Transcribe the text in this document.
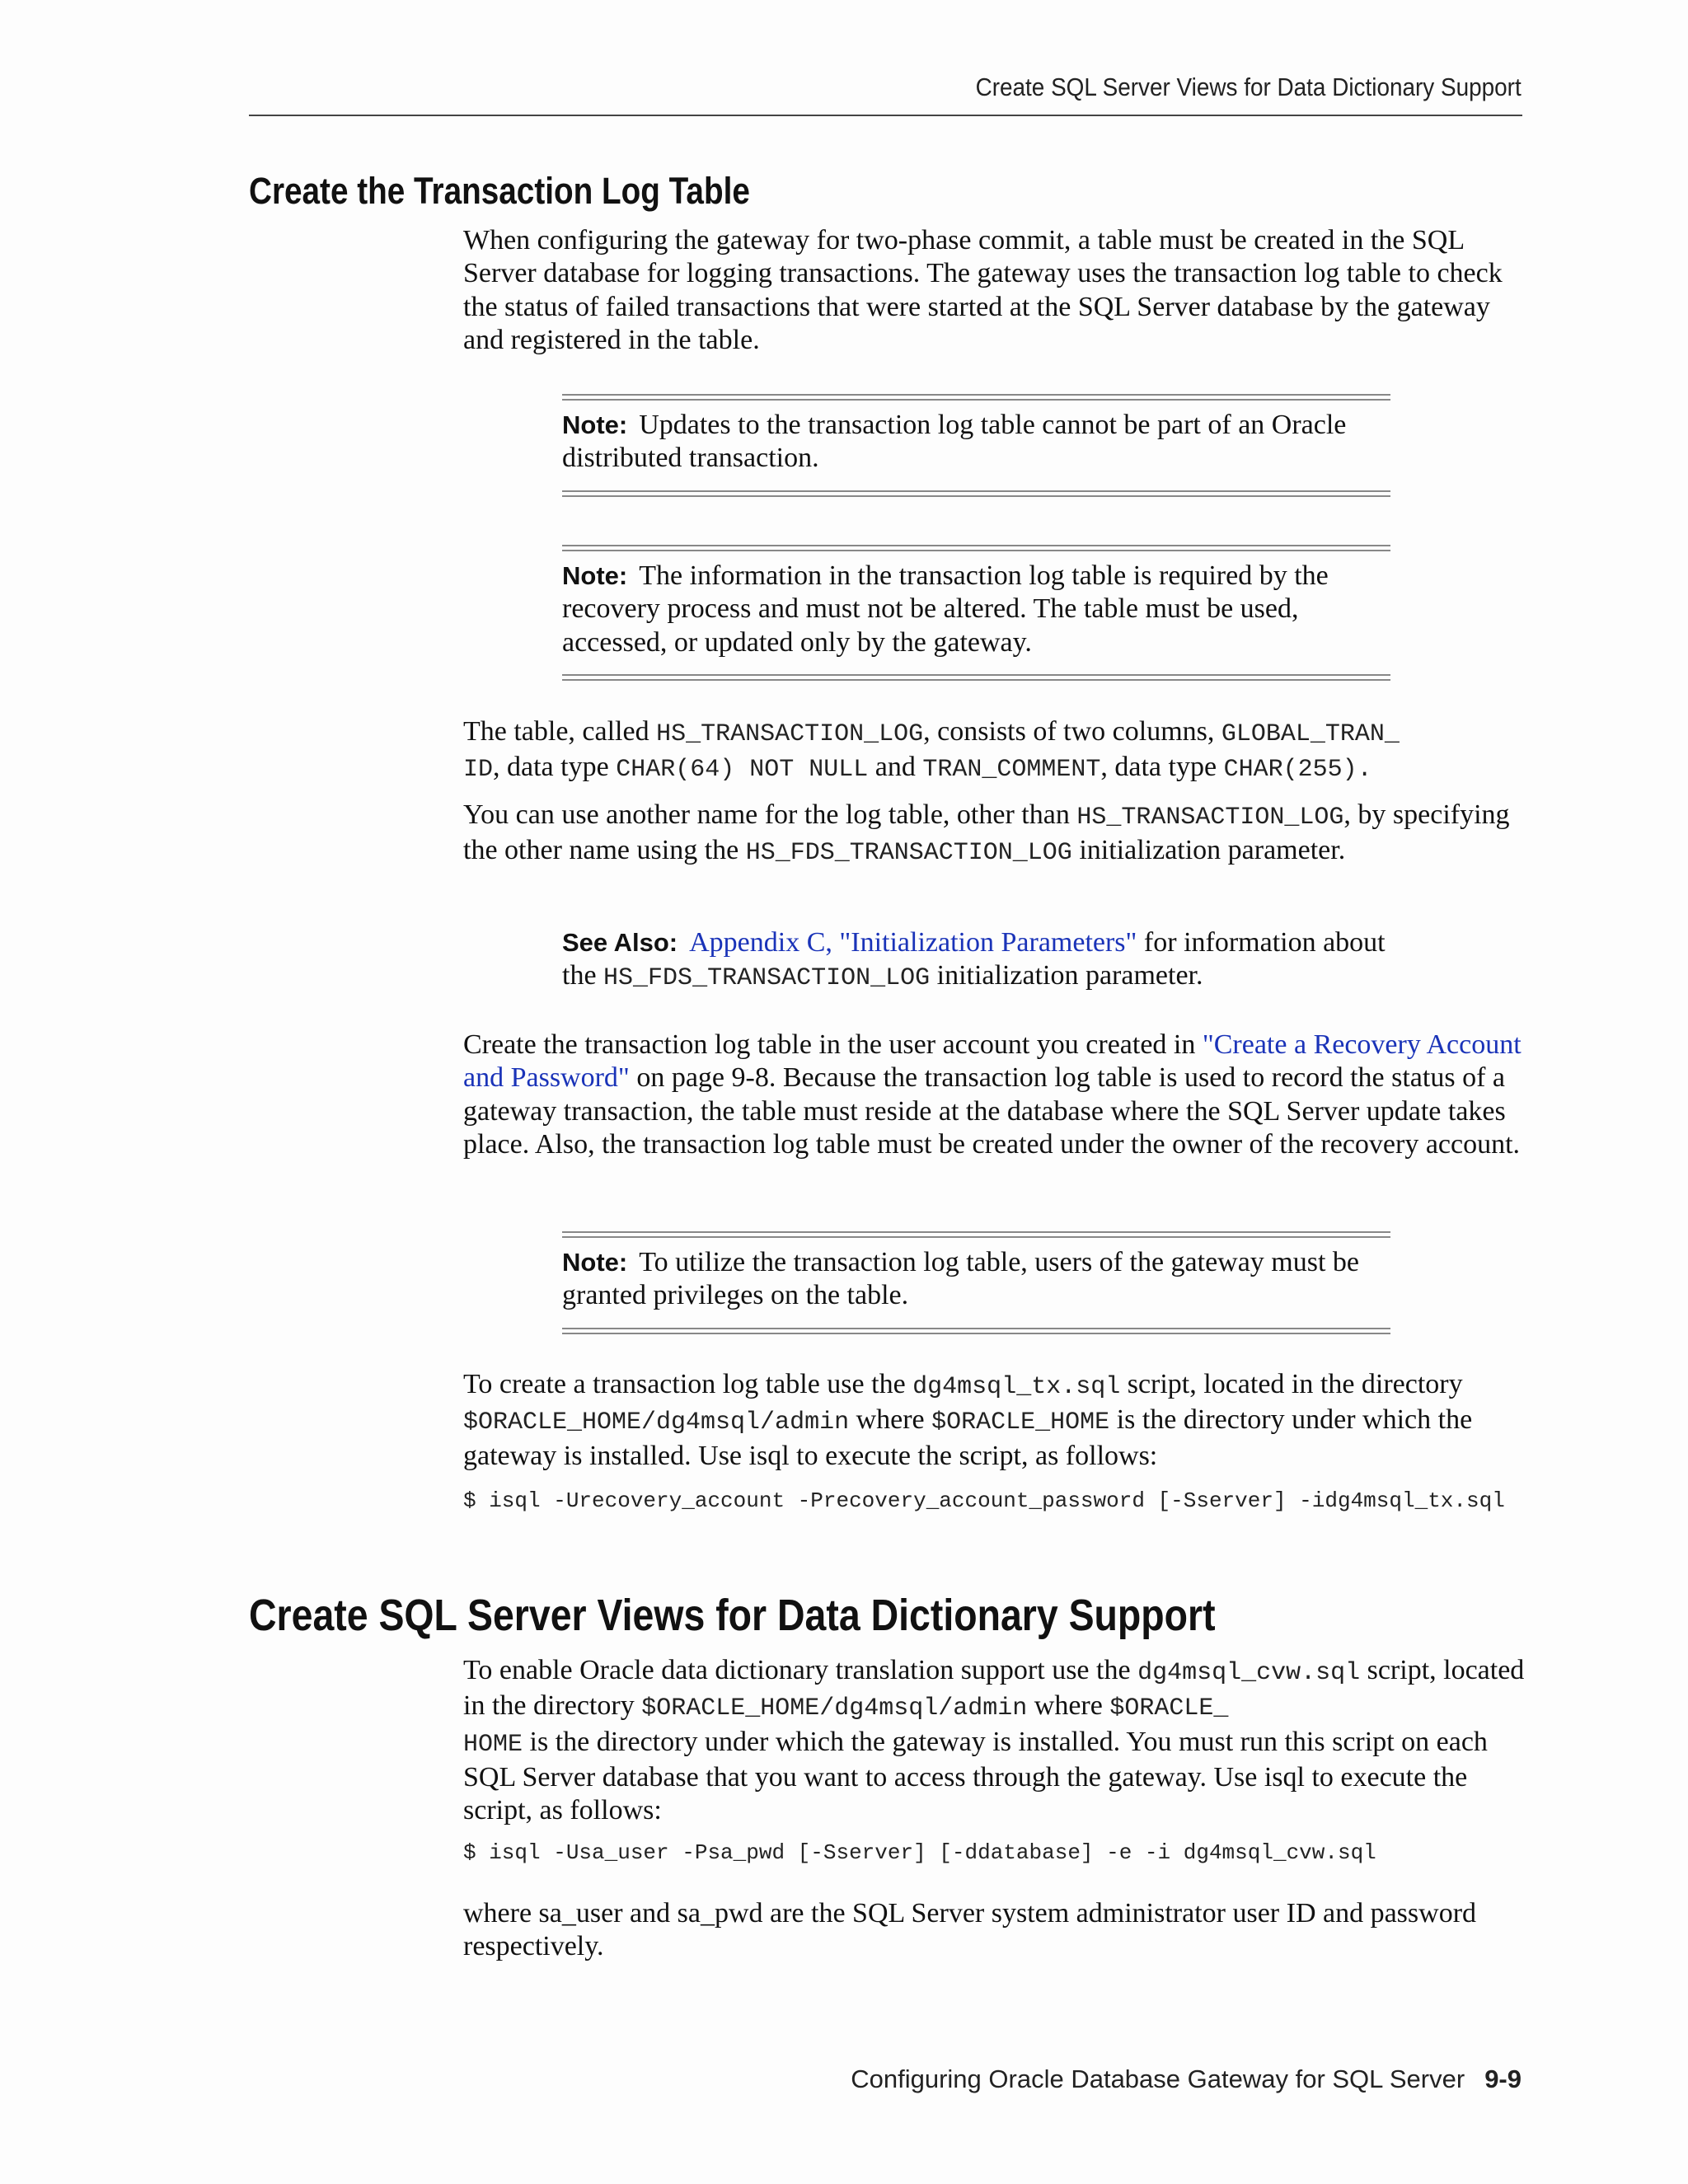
Create SQL Server Views for Data Dictionary Support
Create the Transaction Log Table

When configuring the gateway for two-phase commit, a table must be created in the SQL Server database for logging transactions. The gateway uses the transaction log table to check the status of failed transactions that were started at the SQL Server database by the gateway and registered in the table.

Note: Updates to the transaction log table cannot be part of an Oracle distributed transaction.

Note: The information in the transaction log table is required by the recovery process and must not be altered. The table must be used, accessed, or updated only by the gateway.

The table, called HS_TRANSACTION_LOG, consists of two columns, GLOBAL_TRAN_
ID, data type CHAR(64) NOT NULL and TRAN_COMMENT, data type CHAR(255).

You can use another name for the log table, other than HS_TRANSACTION_LOG, by specifying the other name using the HS_FDS_TRANSACTION_LOG initialization parameter.

See Also: Appendix C, "Initialization Parameters" for information about the HS_FDS_TRANSACTION_LOG initialization parameter.

Create the transaction log table in the user account you created in "Create a Recovery Account and Password" on page 9-8. Because the transaction log table is used to record the status of a gateway transaction, the table must reside at the database where the SQL Server update takes place. Also, the transaction log table must be created under the owner of the recovery account.

Note: To utilize the transaction log table, users of the gateway must be granted privileges on the table.

To create a transaction log table use the dg4msql_tx.sql script, located in the directory $ORACLE_HOME/dg4msql/admin where $ORACLE_HOME is the directory under which the gateway is installed. Use isql to execute the script, as follows:

$ isql -Urecovery_account -Precovery_account_password [-Sserver] -idg4msql_tx.sql
Create SQL Server Views for Data Dictionary Support

To enable Oracle data dictionary translation support use the dg4msql_cvw.sql script, located in the directory $ORACLE_HOME/dg4msql/admin where $ORACLE_
HOME is the directory under which the gateway is installed. You must run this script on each SQL Server database that you want to access through the gateway. Use isql to execute the script, as follows:

$ isql -Usa_user -Psa_pwd [-Sserver] [-ddatabase] -e -i dg4msql_cvw.sql

where sa_user and sa_pwd are the SQL Server system administrator user ID and password respectively.

Configuring Oracle Database Gateway for SQL Server 9-9
